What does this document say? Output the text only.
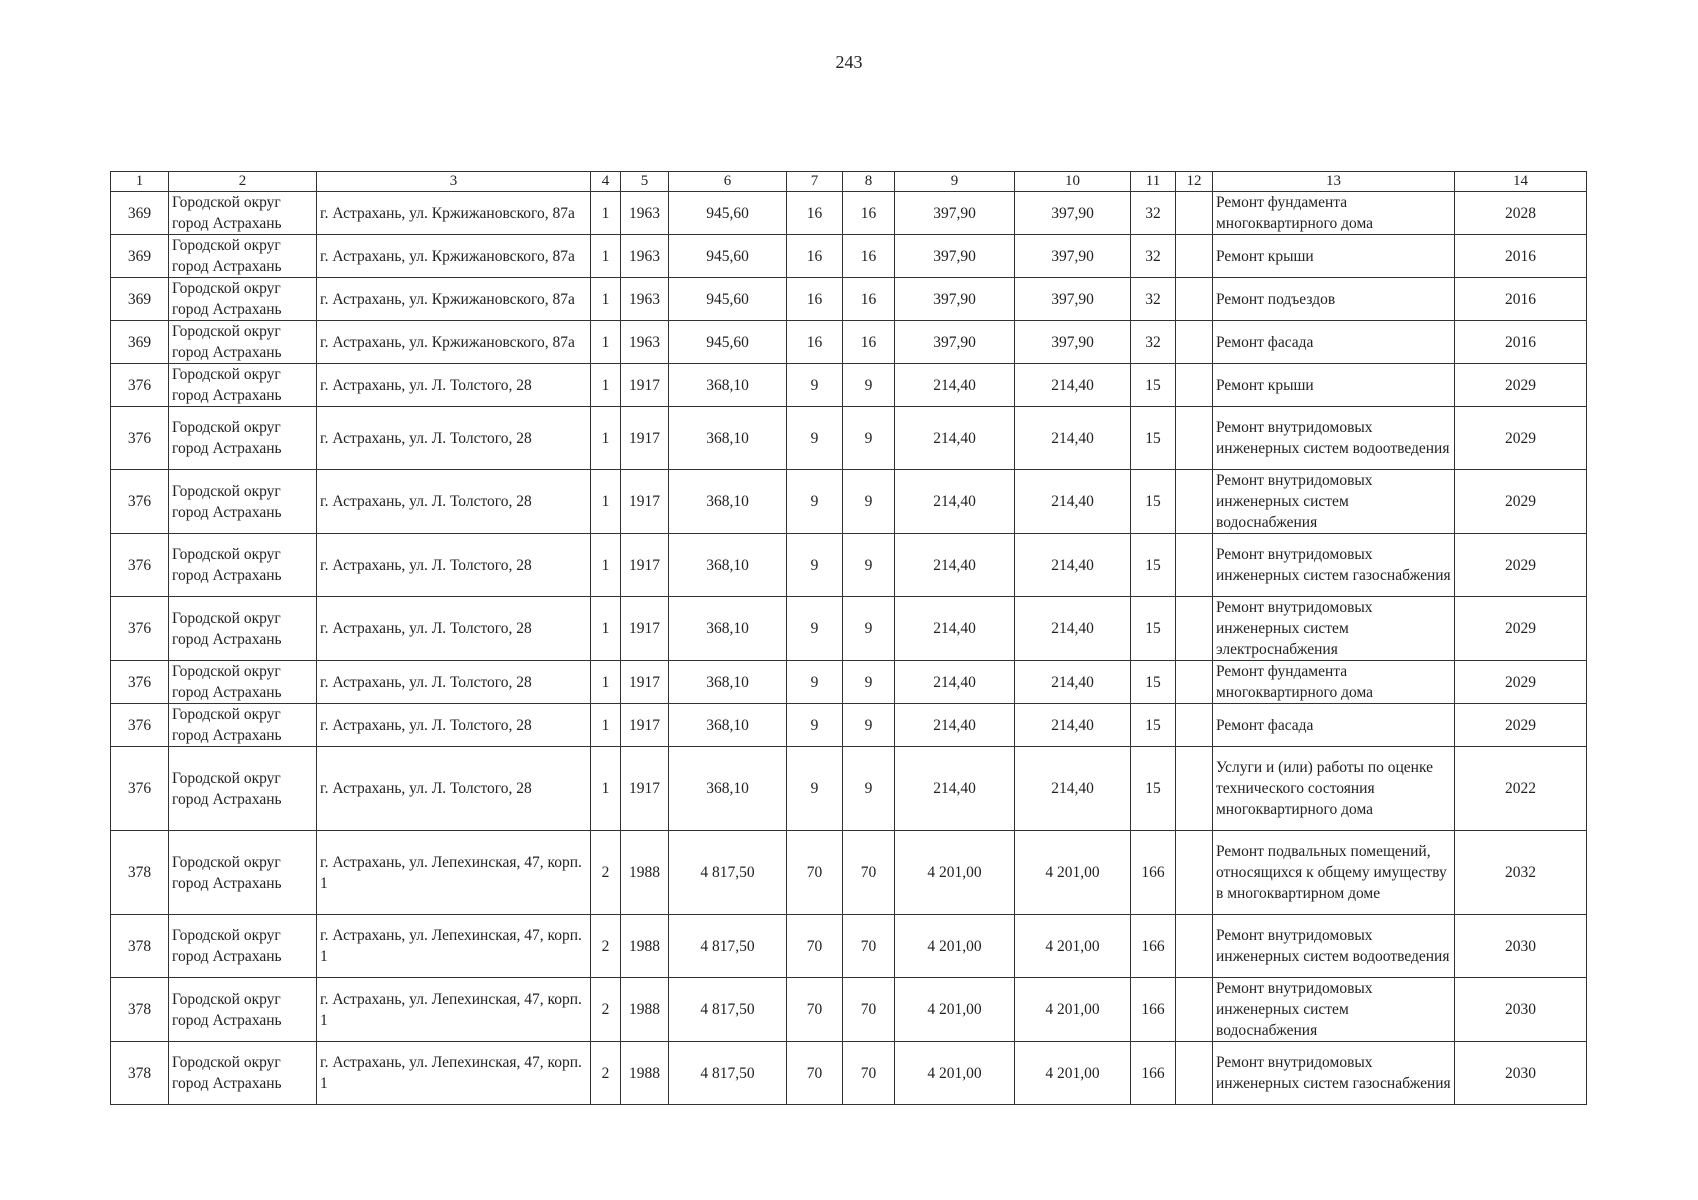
243
1	2	3	4	5	6	7	8	9	10	11	12	13	14
369	Городской округ город Астрахань	г. Астрахань, ул. Кржижановского, 87а	1	1963	945,60	16	16	397,90	397,90	32		Ремонт фундамента многоквартирного дома	2028
369	Городской округ город Астрахань	г. Астрахань, ул. Кржижановского, 87а	1	1963	945,60	16	16	397,90	397,90	32		Ремонт крыши	2016
369	Городской округ город Астрахань	г. Астрахань, ул. Кржижановского, 87а	1	1963	945,60	16	16	397,90	397,90	32		Ремонт подъездов	2016
369	Городской округ город Астрахань	г. Астрахань, ул. Кржижановского, 87а	1	1963	945,60	16	16	397,90	397,90	32		Ремонт фасада	2016
376	Городской округ город Астрахань	г. Астрахань, ул. Л. Толстого, 28	1	1917	368,10	9	9	214,40	214,40	15		Ремонт крыши	2029
376	Городской округ город Астрахань	г. Астрахань, ул. Л. Толстого, 28	1	1917	368,10	9	9	214,40	214,40	15		Ремонт внутридомовых инженерных систем водоотведения	2029
376	Городской округ город Астрахань	г. Астрахань, ул. Л. Толстого, 28	1	1917	368,10	9	9	214,40	214,40	15		Ремонт внутридомовых инженерных систем водоснабжения	2029
376	Городской округ город Астрахань	г. Астрахань, ул. Л. Толстого, 28	1	1917	368,10	9	9	214,40	214,40	15		Ремонт внутридомовых инженерных систем газоснабжения	2029
376	Городской округ город Астрахань	г. Астрахань, ул. Л. Толстого, 28	1	1917	368,10	9	9	214,40	214,40	15		Ремонт внутридомовых инженерных систем электроснабжения	2029
376	Городской округ город Астрахань	г. Астрахань, ул. Л. Толстого, 28	1	1917	368,10	9	9	214,40	214,40	15		Ремонт фундамента многоквартирного дома	2029
376	Городской округ город Астрахань	г. Астрахань, ул. Л. Толстого, 28	1	1917	368,10	9	9	214,40	214,40	15		Ремонт фасада	2029
376	Городской округ город Астрахань	г. Астрахань, ул. Л. Толстого, 28	1	1917	368,10	9	9	214,40	214,40	15		Услуги и (или) работы по оценке технического состояния многоквартирного дома	2022
378	Городской округ город Астрахань	г. Астрахань, ул. Лепехинская, 47, корп. 1	2	1988	4 817,50	70	70	4 201,00	4 201,00	166		Ремонт подвальных помещений, относящихся к общему имуществу в многоквартирном доме	2032
378	Городской округ город Астрахань	г. Астрахань, ул. Лепехинская, 47, корп. 1	2	1988	4 817,50	70	70	4 201,00	4 201,00	166		Ремонт внутридомовых инженерных систем водоотведения	2030
378	Городской округ город Астрахань	г. Астрахань, ул. Лепехинская, 47, корп. 1	2	1988	4 817,50	70	70	4 201,00	4 201,00	166		Ремонт внутридомовых инженерных систем водоснабжения	2030
378	Городской округ город Астрахань	г. Астрахань, ул. Лепехинская, 47, корп. 1	2	1988	4 817,50	70	70	4 201,00	4 201,00	166		Ремонт внутридомовых инженерных систем газоснабжения	2030
